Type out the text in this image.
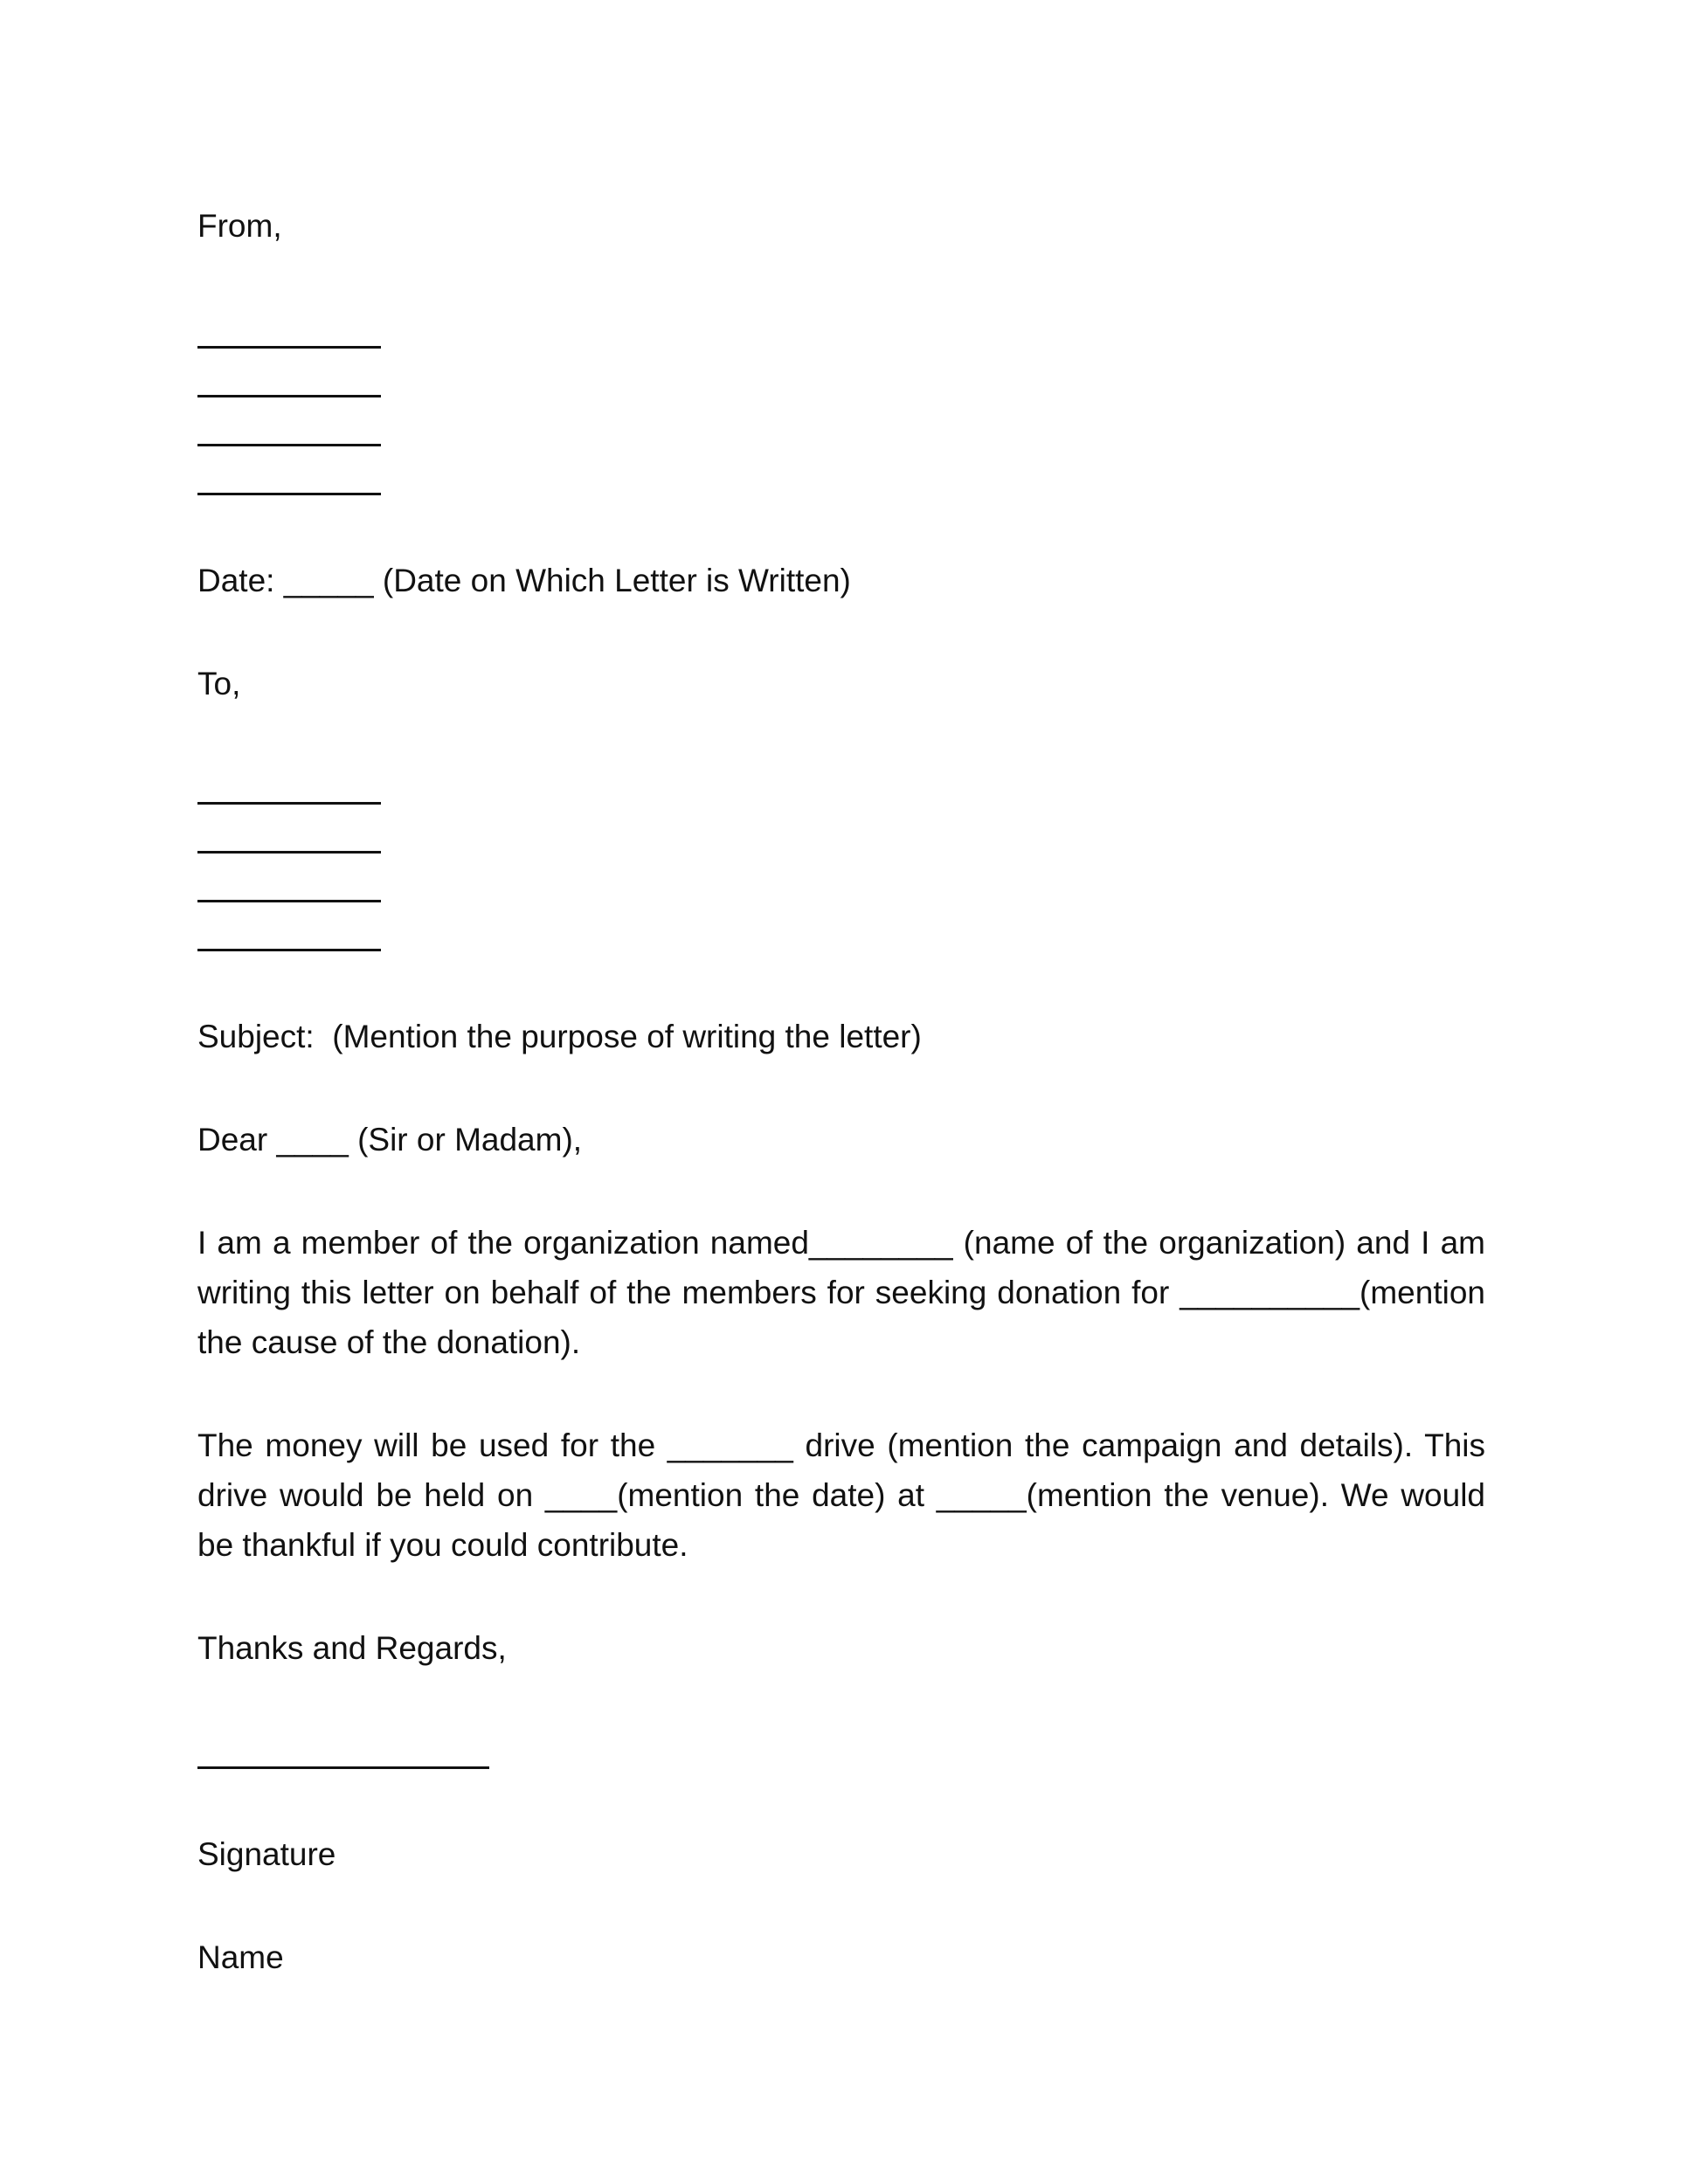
From,

Date: _____ (Date on Which Letter is Written)

To,

Subject:  (Mention the purpose of writing the letter)

Dear ____ (Sir or Madam),

I am a member of the organization named________ (name of the organization) and I am

writing this letter on behalf of the members for seeking donation for __________(mention

the cause of the donation).

The money will be used for the _______ drive (mention the campaign and details). This

drive would be held on ____(mention the date) at _____(mention the venue). We would

be thankful if you could contribute.

Thanks and Regards,

Signature

Name
